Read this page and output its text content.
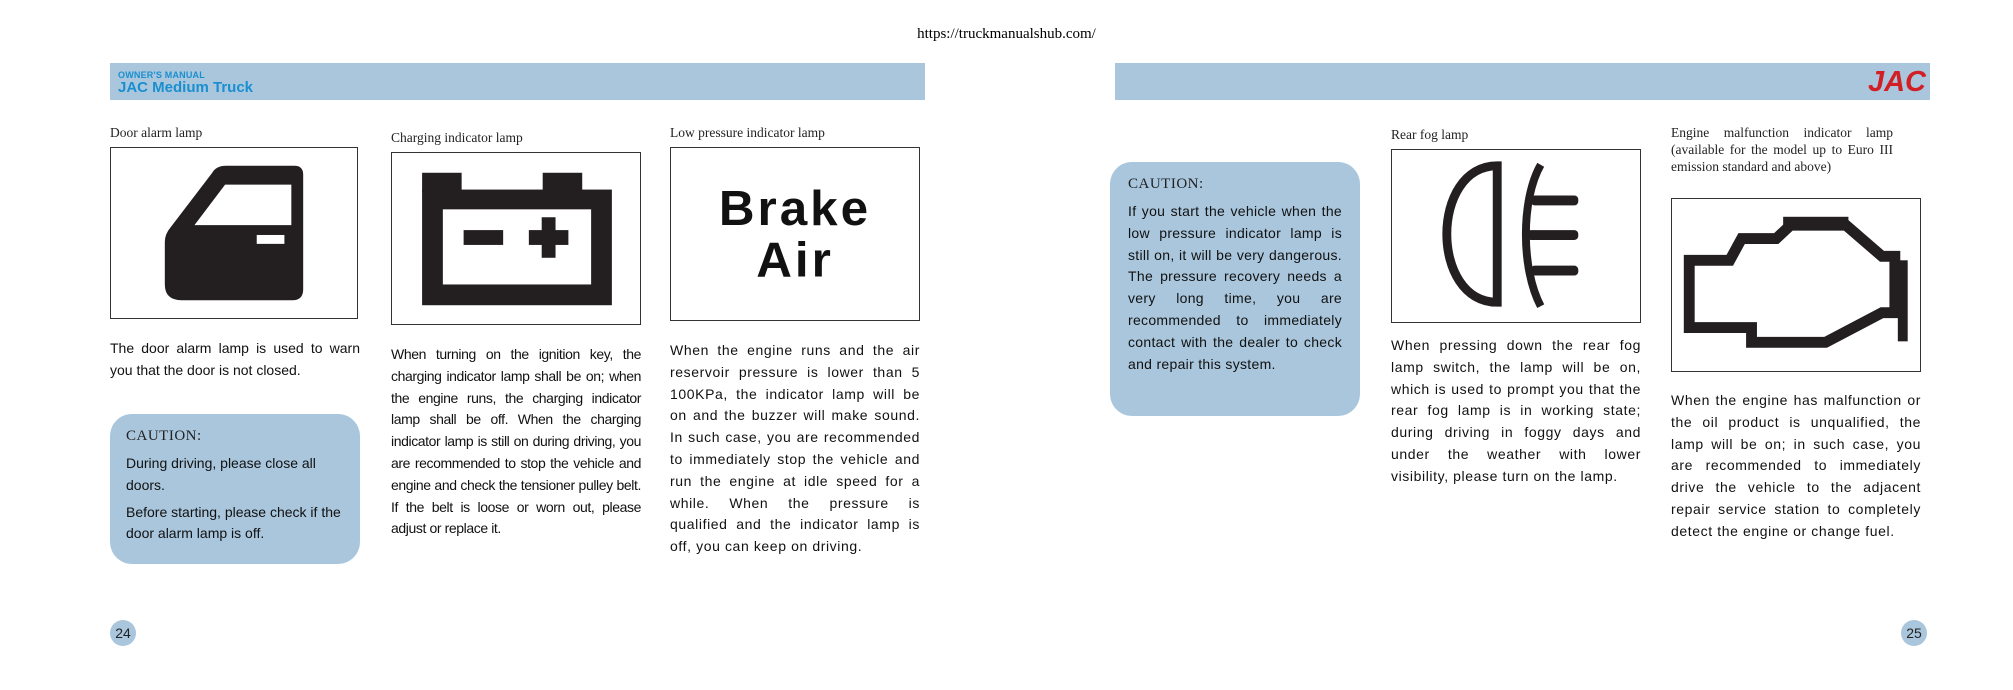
https://truckmanualshub.com/
OWNER'S MANUAL
JAC Medium Truck	JAC
Door alarm lamp
The door alarm lamp is used to warn you that the door is not closed.
CAUTION:
During driving, please close all doors.
Before starting, please check if the door alarm lamp is off.
Charging indicator lamp
When turning on the ignition key, the charging indicator lamp shall be on; when the engine runs, the charging indicator lamp shall be off. When the charging indicator lamp is still on during driving, you are recommended to stop the vehicle and engine and check the tensioner pulley belt. If the belt is loose or worn out, please adjust or replace it.
Low pressure indicator lamp
Brake
Air
When the engine runs and the air reservoir pressure is lower than 5 100KPa, the indicator lamp will be on and the buzzer will make sound. In such case, you are recommended to immediately stop the vehicle and run the engine at idle speed for a while. When the pressure is qualified and the indicator lamp is off, you can keep on driving.
24
CAUTION:
If you start the vehicle when the low pressure indicator lamp is still on, it will be very dangerous. The pressure recovery needs a very long time, you are recommended to immediately contact with the dealer to check and repair this system.
Rear fog lamp
When pressing down the rear fog lamp switch, the lamp will be on, which is used to prompt you that the rear fog lamp is in working state; during driving in foggy days and under the weather with lower visibility, please turn on the lamp.
Engine malfunction indicator lamp (available for the model up to Euro III emission standard and above)
When the engine has malfunction or the oil product is unqualified, the lamp will be on; in such case, you are recommended to immediately drive the vehicle to the adjacent repair service station to completely detect the engine or change fuel.
25
